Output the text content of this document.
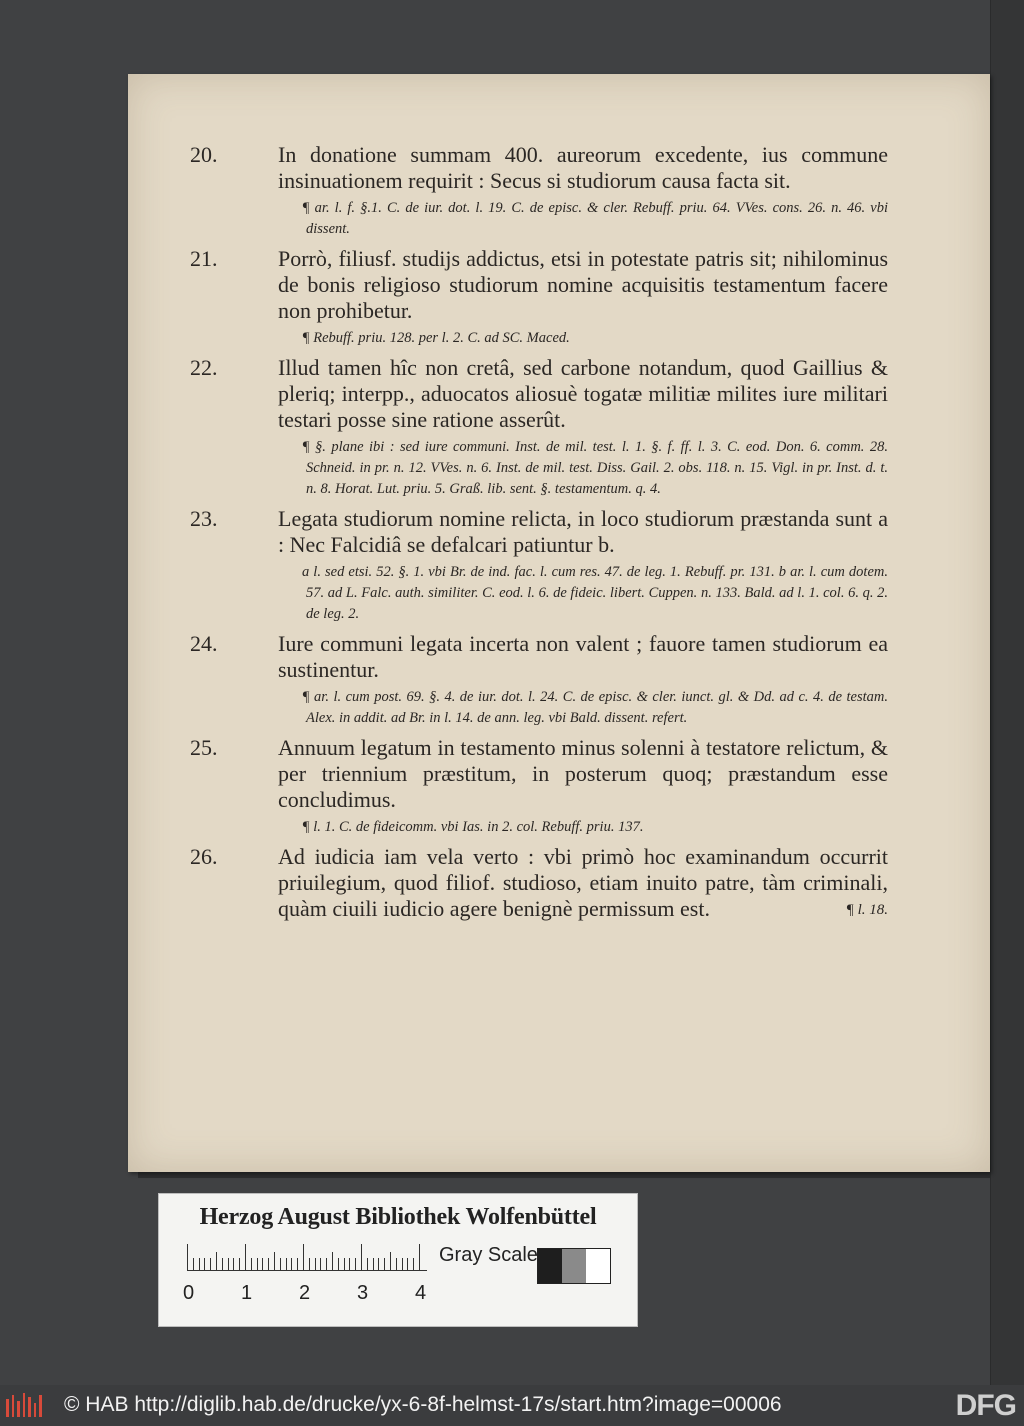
20.	In donatione summam 400. aureorum excedente, ius commune insinuationem requirit : Secus si studiorum causa facta sit.

¶ ar. l. f. §.1. C. de iur. dot. l. 19. C. de episc. & cler. Rebuff. priu. 64. VVes. cons. 26. n. 46. vbi dissent.

21.	Porrò, filiusf. studijs addictus, etsi in potestate patris sit; nihilominus de bonis religioso studiorum nomine acquisitis testamentum facere non prohibetur.

¶ Rebuff. priu. 128. per l. 2. C. ad SC. Maced.

22.	Illud tamen hîc non cretâ, sed carbone notandum, quod Gaillius & pleriq; interpp., aduocatos aliosuè togatæ militiæ milites iure militari testari posse sine ratione asserût.

¶ §. plane ibi : sed iure communi. Inst. de mil. test. l. 1. §. f. ff. l. 3. C. eod. Don. 6. comm. 28. Schneid. in pr. n. 12. VVes. n. 6. Inst. de mil. test. Diss. Gail. 2. obs. 118. n. 15. Vigl. in pr. Inst. d. t. n. 8. Horat. Lut. priu. 5. Graß. lib. sent. §. testamentum. q. 4.

23.	Legata studiorum nomine relicta, in loco studiorum præstanda sunt a : Nec Falcidiâ se defalcari patiuntur b.

a l. sed etsi. 52. §. 1. vbi Br. de ind. fac. l. cum res. 47. de leg. 1. Rebuff. pr. 131. b ar. l. cum dotem. 57. ad L. Falc. auth. similiter. C. eod. l. 6. de fideic. libert. Cuppen. n. 133. Bald. ad l. 1. col. 6. q. 2. de leg. 2.

24.	Iure communi legata incerta non valent ; fauore tamen studiorum ea sustinentur.

¶ ar. l. cum post. 69. §. 4. de iur. dot. l. 24. C. de episc. & cler. iunct. gl. & Dd. ad c. 4. de testam. Alex. in addit. ad Br. in l. 14. de ann. leg. vbi Bald. dissent. refert.

25.	Annuum legatum in testamento minus solenni à testatore relictum, & per triennium præstitum, in posterum quoq; præstandum esse concludimus.

¶ l. 1. C. de fideicomm. vbi Ias. in 2. col. Rebuff. priu. 137.

26.	Ad iudicia iam vela verto : vbi primò hoc examinandum occurrit priuilegium, quod filiof. studioso, etiam inuito patre, tàm criminali, quàm ciuili iudicio agere benignè permissum est.	¶ l. 18.
Herzog August Bibliothek Wolfenbüttel
0 1 2 3 4
Gray Scale
© HAB http://diglib.hab.de/drucke/yx-6-8f-helmst-17s/start.htm?image=00006	DFG
